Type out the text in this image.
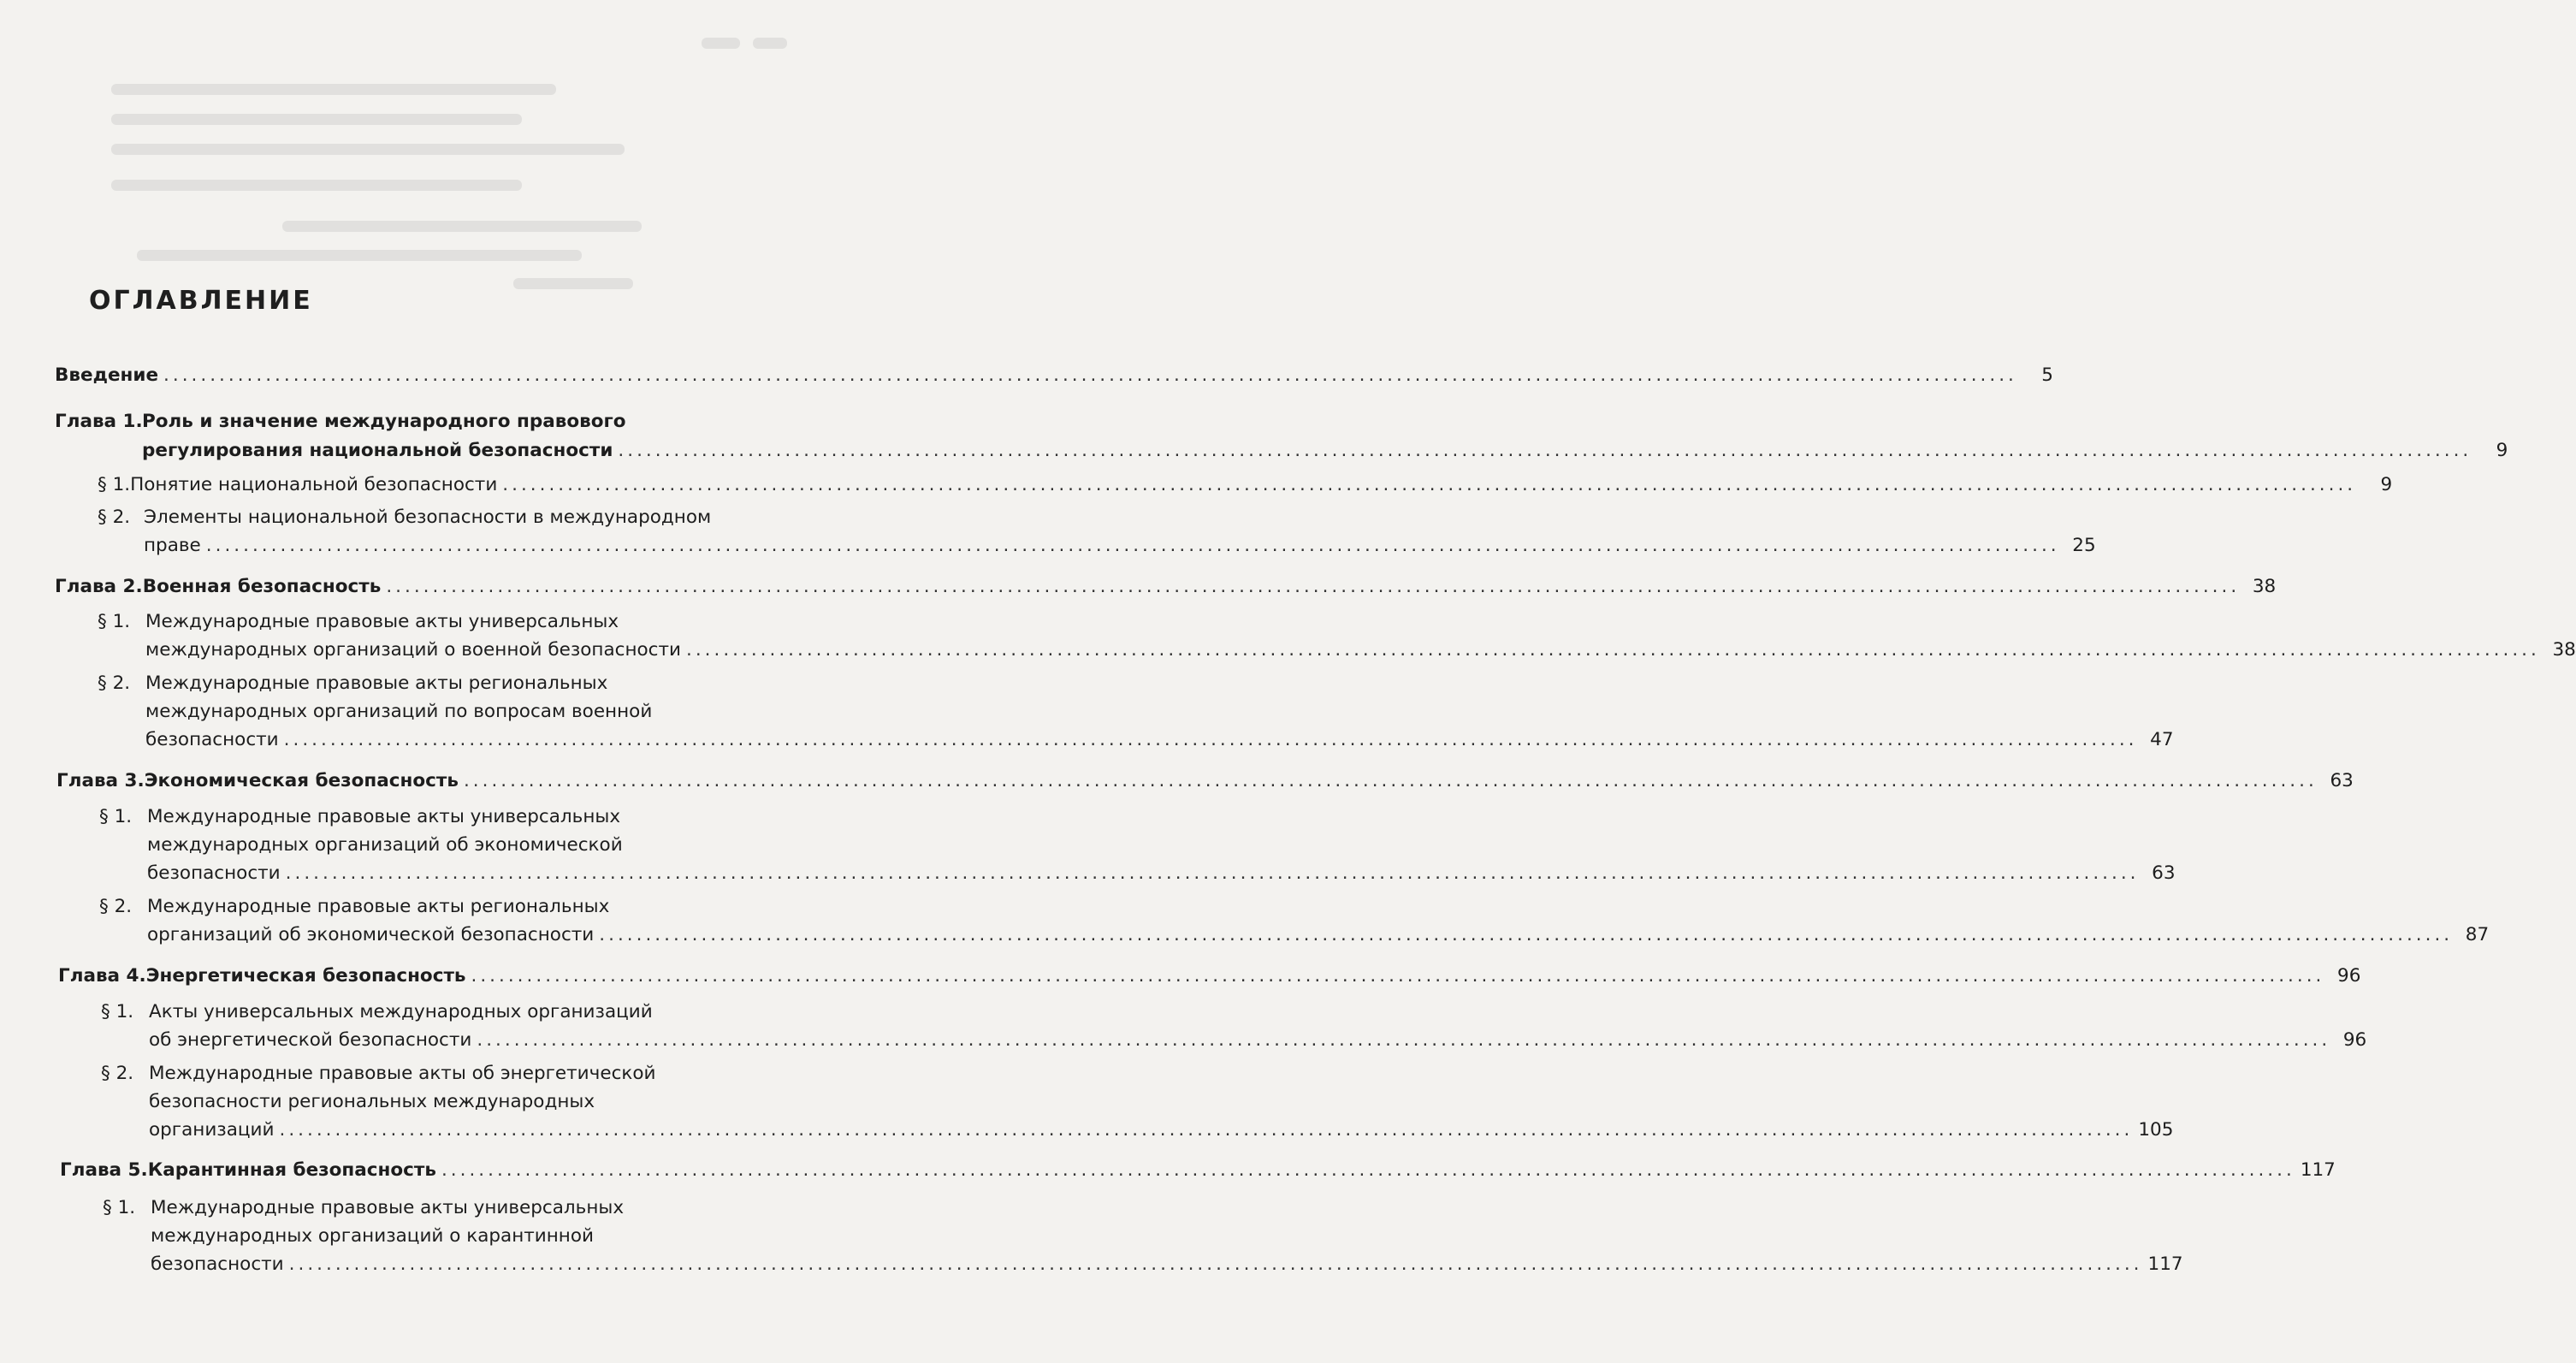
ОГЛАВЛЕНИЕ
Введение ........................................................................................................................................................................................................	5
Глава 1. Роль и значение международного правового
регулирования национальной безопасности ........................................................................................................................................................................................................	9
§ 1. Понятие национальной безопасности ........................................................................................................................................................................................................	9
§ 2. Элементы национальной безопасности в международном
праве ........................................................................................................................................................................................................ 25
Глава 2. Военная безопасность ........................................................................................................................................................................................................ 38
§ 1. Международные правовые акты универсальных
международных организаций о военной безопасности ........................................................................................................................................................................................................ 38
§ 2. Международные правовые акты региональных
международных организаций по вопросам военной
безопасности ........................................................................................................................................................................................................ 47
Глава 3. Экономическая безопасность ........................................................................................................................................................................................................ 63
§ 1. Международные правовые акты универсальных
международных организаций об экономической
безопасности ........................................................................................................................................................................................................ 63
§ 2. Международные правовые акты региональных
организаций об экономической безопасности ........................................................................................................................................................................................................ 87
Глава 4. Энергетическая безопасность ........................................................................................................................................................................................................ 96
§ 1. Акты универсальных международных организаций
об энергетической безопасности ........................................................................................................................................................................................................ 96
§ 2. Международные правовые акты об энергетической
безопасности региональных международных
организаций ........................................................................................................................................................................................................ 105
Глава 5. Карантинная безопасность ........................................................................................................................................................................................................ 117
§ 1. Международные правовые акты универсальных
международных организаций о карантинной
безопасности ........................................................................................................................................................................................................ 117
